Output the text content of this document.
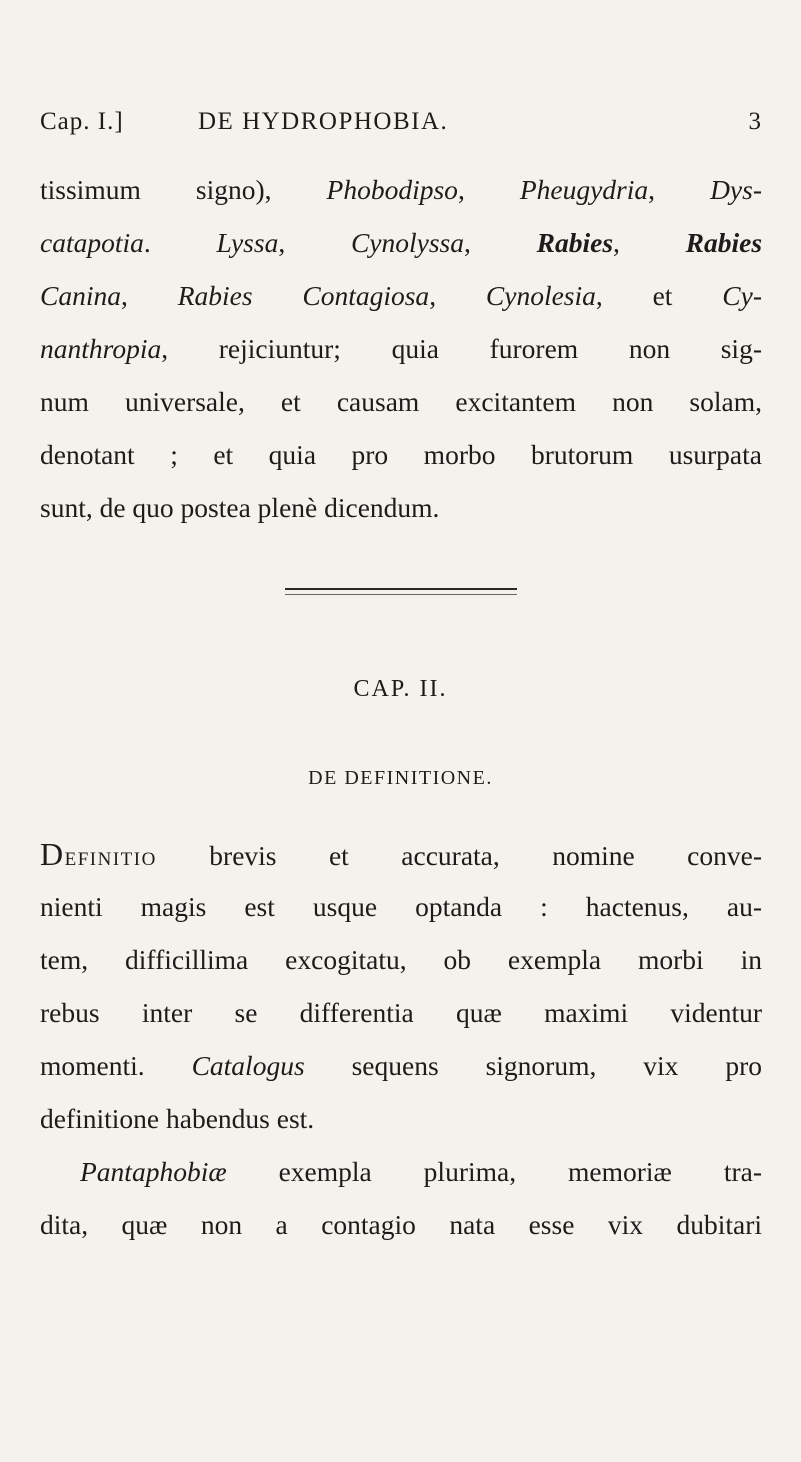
Cap. I.]	DE HYDROPHOBIA.	3
tissimum signo), Phobodipso, Pheugydria, Dys-
catapotia. Lyssa, Cynolyssa, Rabies, Rabies
Canina, Rabies Contagiosa, Cynolesia, et Cy-
nanthropia, rejiciuntur; quia furorem non sig-
num universale, et causam excitantem non solam,
denotant ; et quia pro morbo brutorum usurpata
sunt, de quo postea plenè dicendum.
CAP. II.
DE DEFINITIONE.
Definitio brevis et accurata, nomine conve-
nienti magis est usque optanda : hactenus, au-
tem, difficillima excogitatu, ob exempla morbi in
rebus inter se differentia quæ maximi videntur
momenti. Catalogus sequens signorum, vix pro
definitione habendus est.
Pantaphobiæ exempla plurima, memoriæ tra-
dita, quæ non a contagio nata esse vix dubitari
